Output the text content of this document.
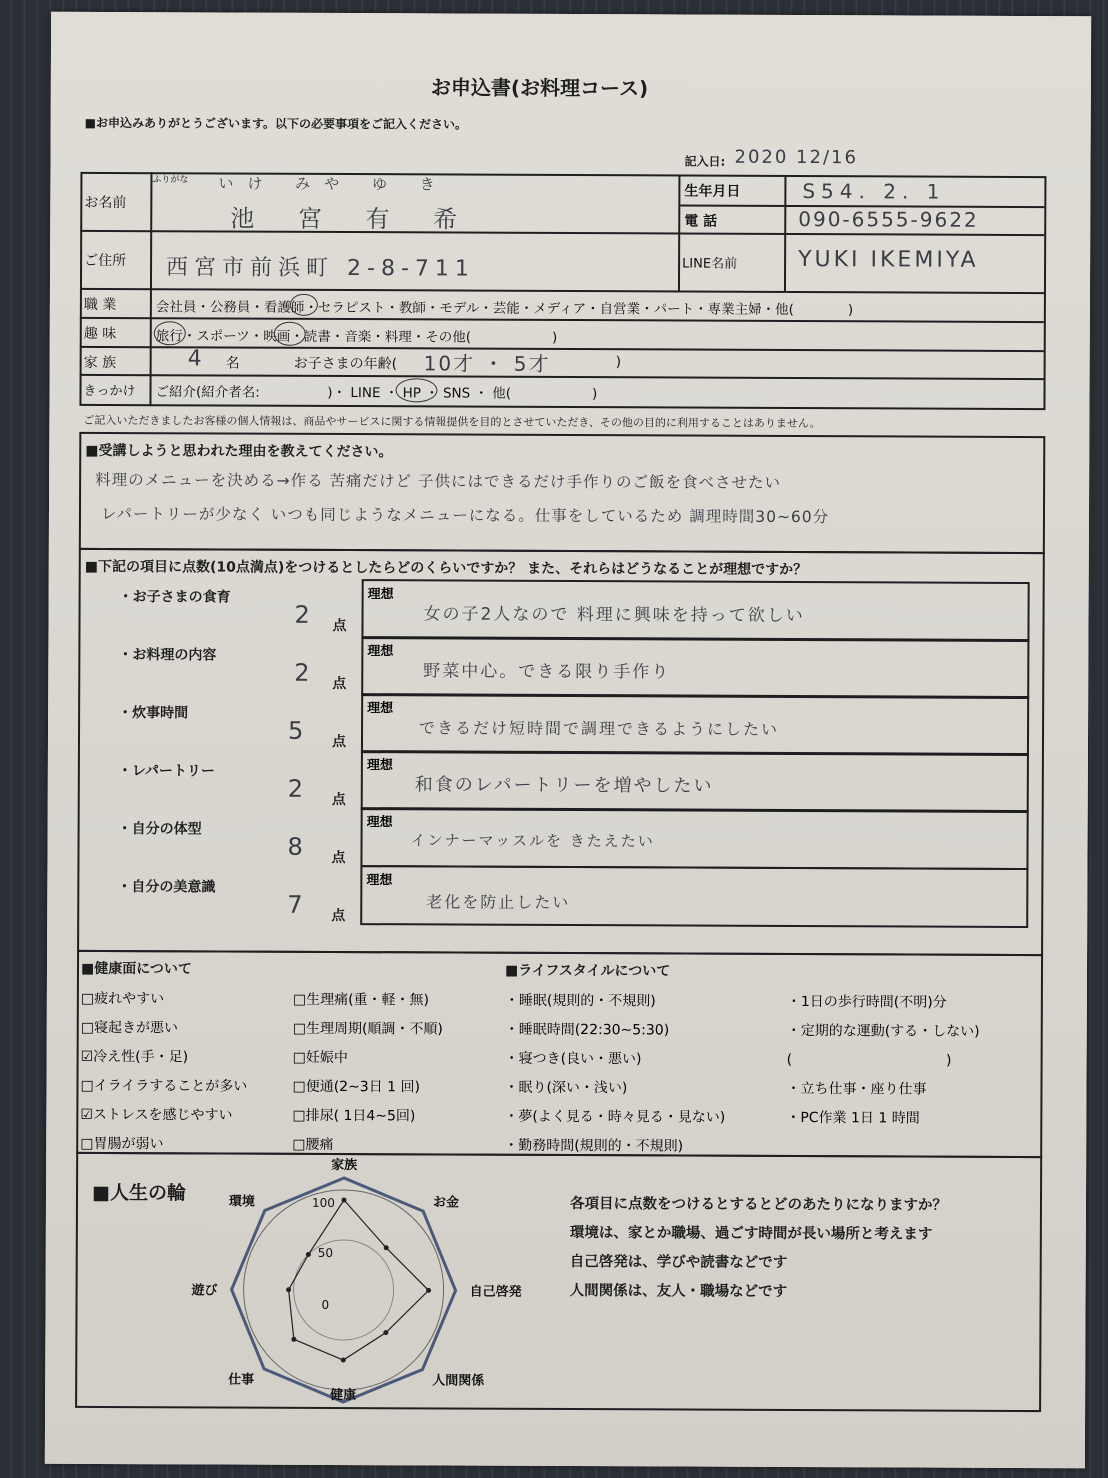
お申込書(お料理コース)
■お申込みありがとうございます。以下の必要事項をご記入ください。
記入日: 2020 12/16
ふりがな
お名前
いけ みや ゆ き
池 宮 有 希
生年月日	S54. 2. 1
電 話	090-6555-9622
ご住所 西宮市前浜町 2-8-711	LINE名前	YUKI IKEMIYA
職 業	会社員・公務員・看護師・セラピスト・教師・モデル・芸能・メディア・自営業・パート・専業主婦・他(　　　　)
趣 味	旅行・スポーツ・映画・読書・音楽・料理・その他(　　　　　　)
家 族	4 名	お子さまの年齢( 10才 ・ 5才	)
きっかけ ご紹介(紹介者名:　　　　　)・ LINE ・ HP ・ SNS ・ 他(　　　　　　)
ご記入いただきましたお客様の個人情報は、商品やサービスに関する情報提供を目的とさせていただき、その他の目的に利用することはありません。
■受講しようと思われた理由を教えてください。
料理のメニューを決める→作る 苦痛だけど 子供にはできるだけ手作りのご飯を食べさせたい
レパートリーが少なく いつも同じようなメニューになる。仕事をしているため 調理時間30~60分
■下記の項目に点数(10点満点)をつけるとしたらどのくらいですか？ また、それらはどうなることが理想ですか？
・お子さまの食育
2 点
理想
女の子2人なので 料理に興味を持って欲しい
・お料理の内容
2 点
理想
野菜中心。できる限り手作り
・炊事時間
5 点
理想
できるだけ短時間で調理できるようにしたい
・レパートリー
2 点
理想
和食のレパートリーを増やしたい
・自分の体型
8 点
理想
インナーマッスルを きたえたい
・自分の美意識
7 点
理想
老化を防止したい
■健康面について	■ライフスタイルについて
□疲れやすい
□寝起きが悪い
☑冷え性(手・足)
□イライラすることが多い
☑ストレスを感じやすい
□胃腸が弱い
□生理痛(重・軽・無)
□生理周期(順調・不順)
□妊娠中
□便通(2~3日 1 回)
□排尿( 1日4~5回)
□腰痛
・睡眠(規則的・不規則)
・睡眠時間(22:30~5:30)
・寝つき(良い・悪い)
・眠り(深い・浅い)
・夢(よく見る・時々見る・見ない)
・勤務時間(規則的・不規則)
・1日の歩行時間(不明)分
・定期的な運動(する・しない)
(　　　　　　　　　　　)
・立ち仕事・座り仕事
・PC作業 1日 1 時間
■人生の輪	100
50
0
家族
お金
自己啓発
人間関係
健康
仕事
遊び
環境	各項目に点数をつけるとするとどのあたりになりますか？
環境は、家とか職場、過ごす時間が長い場所と考えます
自己啓発は、学びや読書などです
人間関係は、友人・職場などです
